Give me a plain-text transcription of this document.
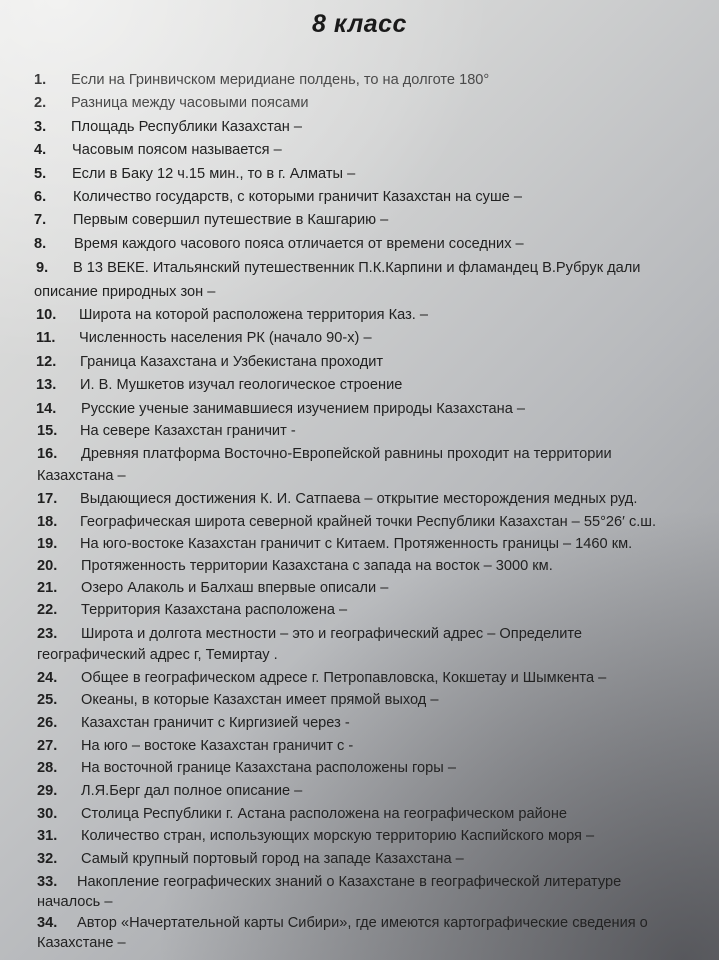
8 класс
1. Если на Гринвичском меридиане полдень, то на долготе 180°
2. Разница между часовыми поясами
3. Площадь Республики Казахстан –
4. Часовым поясом называется –
5. Если в Баку 12 ч.15 мин., то в г. Алматы –
6. Количество государств, с которыми граничит Казахстан на суше –
7. Первым совершил путешествие в Кашгарию –
8. Время каждого часового пояса отличается от времени соседних –
9. В 13 ВЕКЕ. Итальянский путешественник П.К.Карпини и фламандец В.Рубрук дали
описание природных зон –
10. Широта на которой расположена территория Каз. –
11. Численность населения РК (начало 90-х) –
12. Граница Казахстана и Узбекистана проходит
13. И. В. Мушкетов изучал геологическое строение
14. Русские ученые занимавшиеся изучением природы Казахстана –
15. На севере Казахстан граничит -
16. Древняя платформа Восточно-Европейской равнины проходит на территории
Казахстана –
17. Выдающиеся достижения К. И. Сатпаева – открытие месторождения медных руд.
18. Географическая широта северной крайней точки Республики Казахстан – 55°26′ с.ш.
19. На юго-востоке Казахстан граничит с Китаем. Протяженность границы – 1460 км.
20. Протяженность территории Казахстана с запада на восток – 3000 км.
21. Озеро Алаколь и Балхаш впервые описали –
22. Территория Казахстана расположена –
23. Широта и долгота местности – это и географический адрес – Определите
географический адрес г, Темиртау .
24. Общее в географическом адресе г. Петропавловска, Кокшетау и Шымкента –
25. Океаны, в которые Казахстан имеет прямой выход –
26. Казахстан граничит с Киргизией через -
27. На юго – востоке Казахстан граничит с -
28. На восточной границе Казахстана расположены горы –
29. Л.Я.Берг дал полное описание –
30. Столица Республики г. Астана расположена на географическом районе
31. Количество стран, использующих морскую территорию Каспийского моря –
32. Самый крупный портовый город на западе Казахстана –
33. Накопление географических знаний о Казахстане в географической литературе
началось –
34. Автор «Начертательной карты Сибири», где имеются картографические сведения о
Казахстане –
